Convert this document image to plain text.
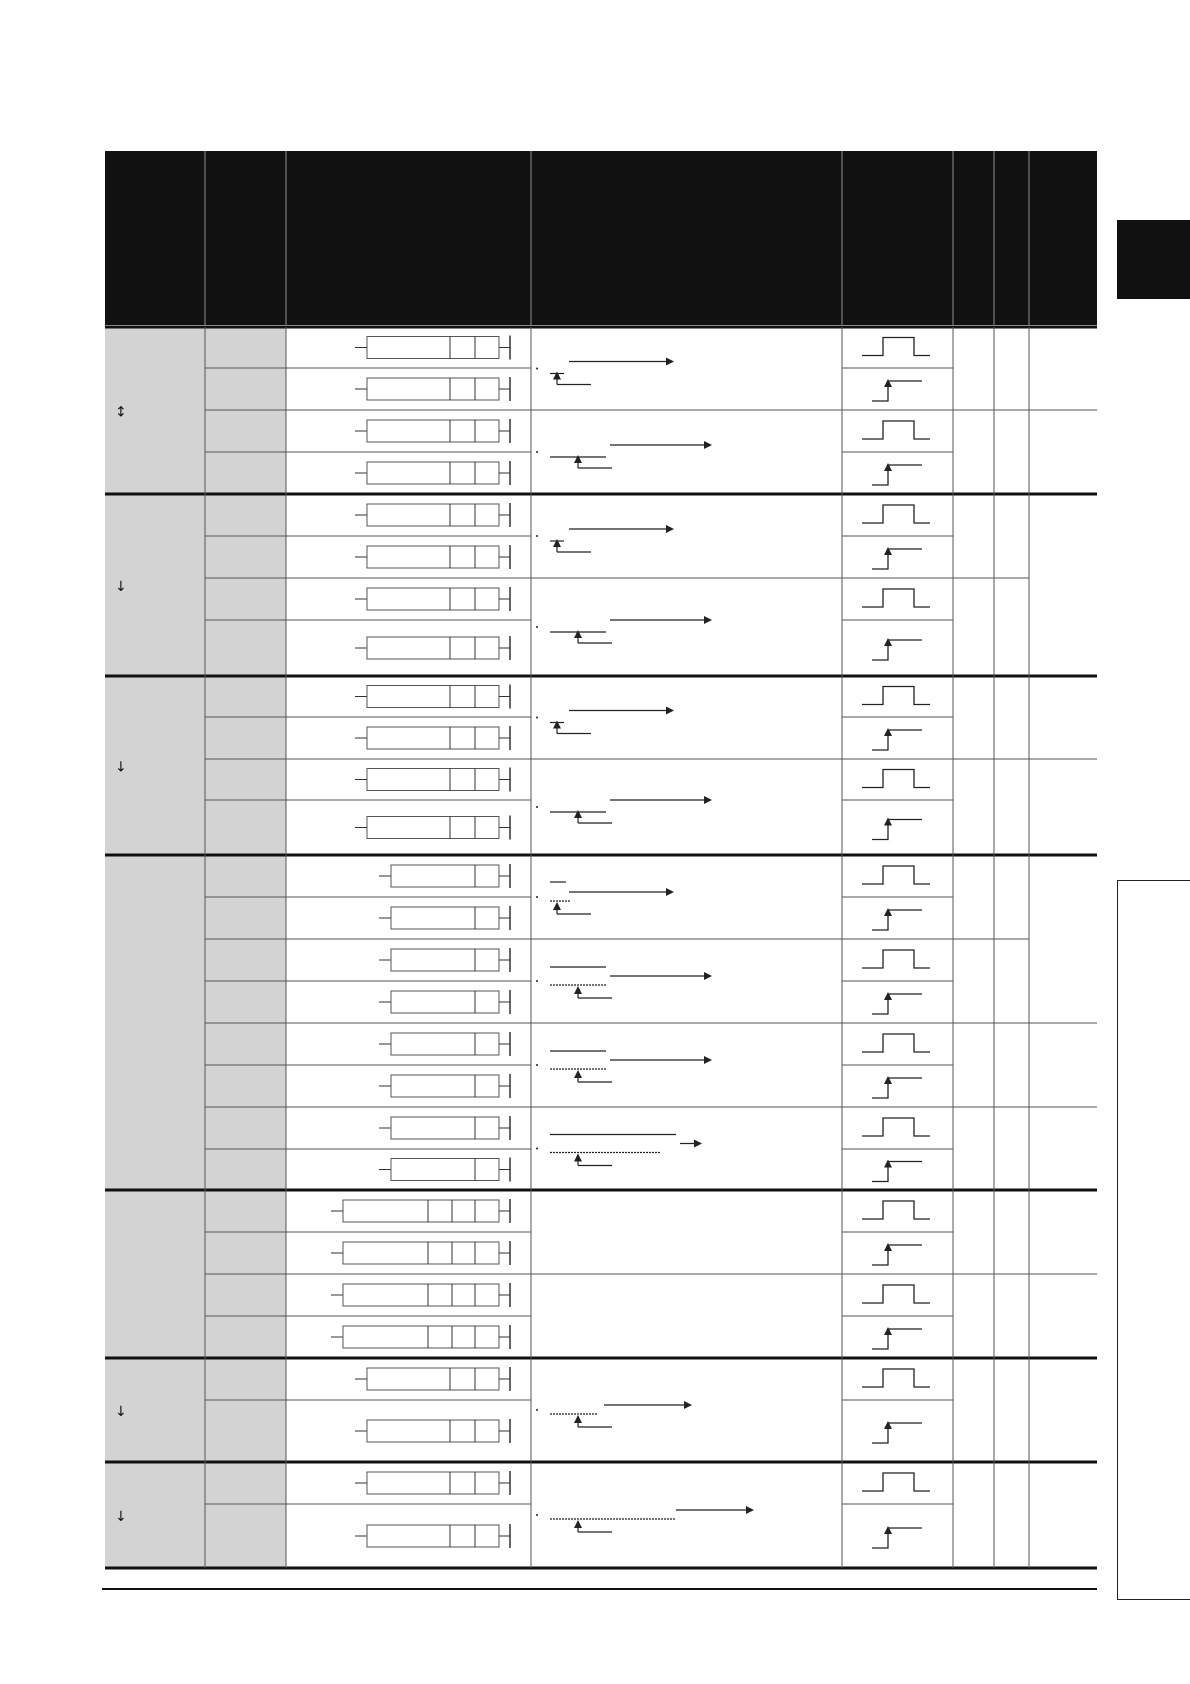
↕
↓
↓
↓
↓
